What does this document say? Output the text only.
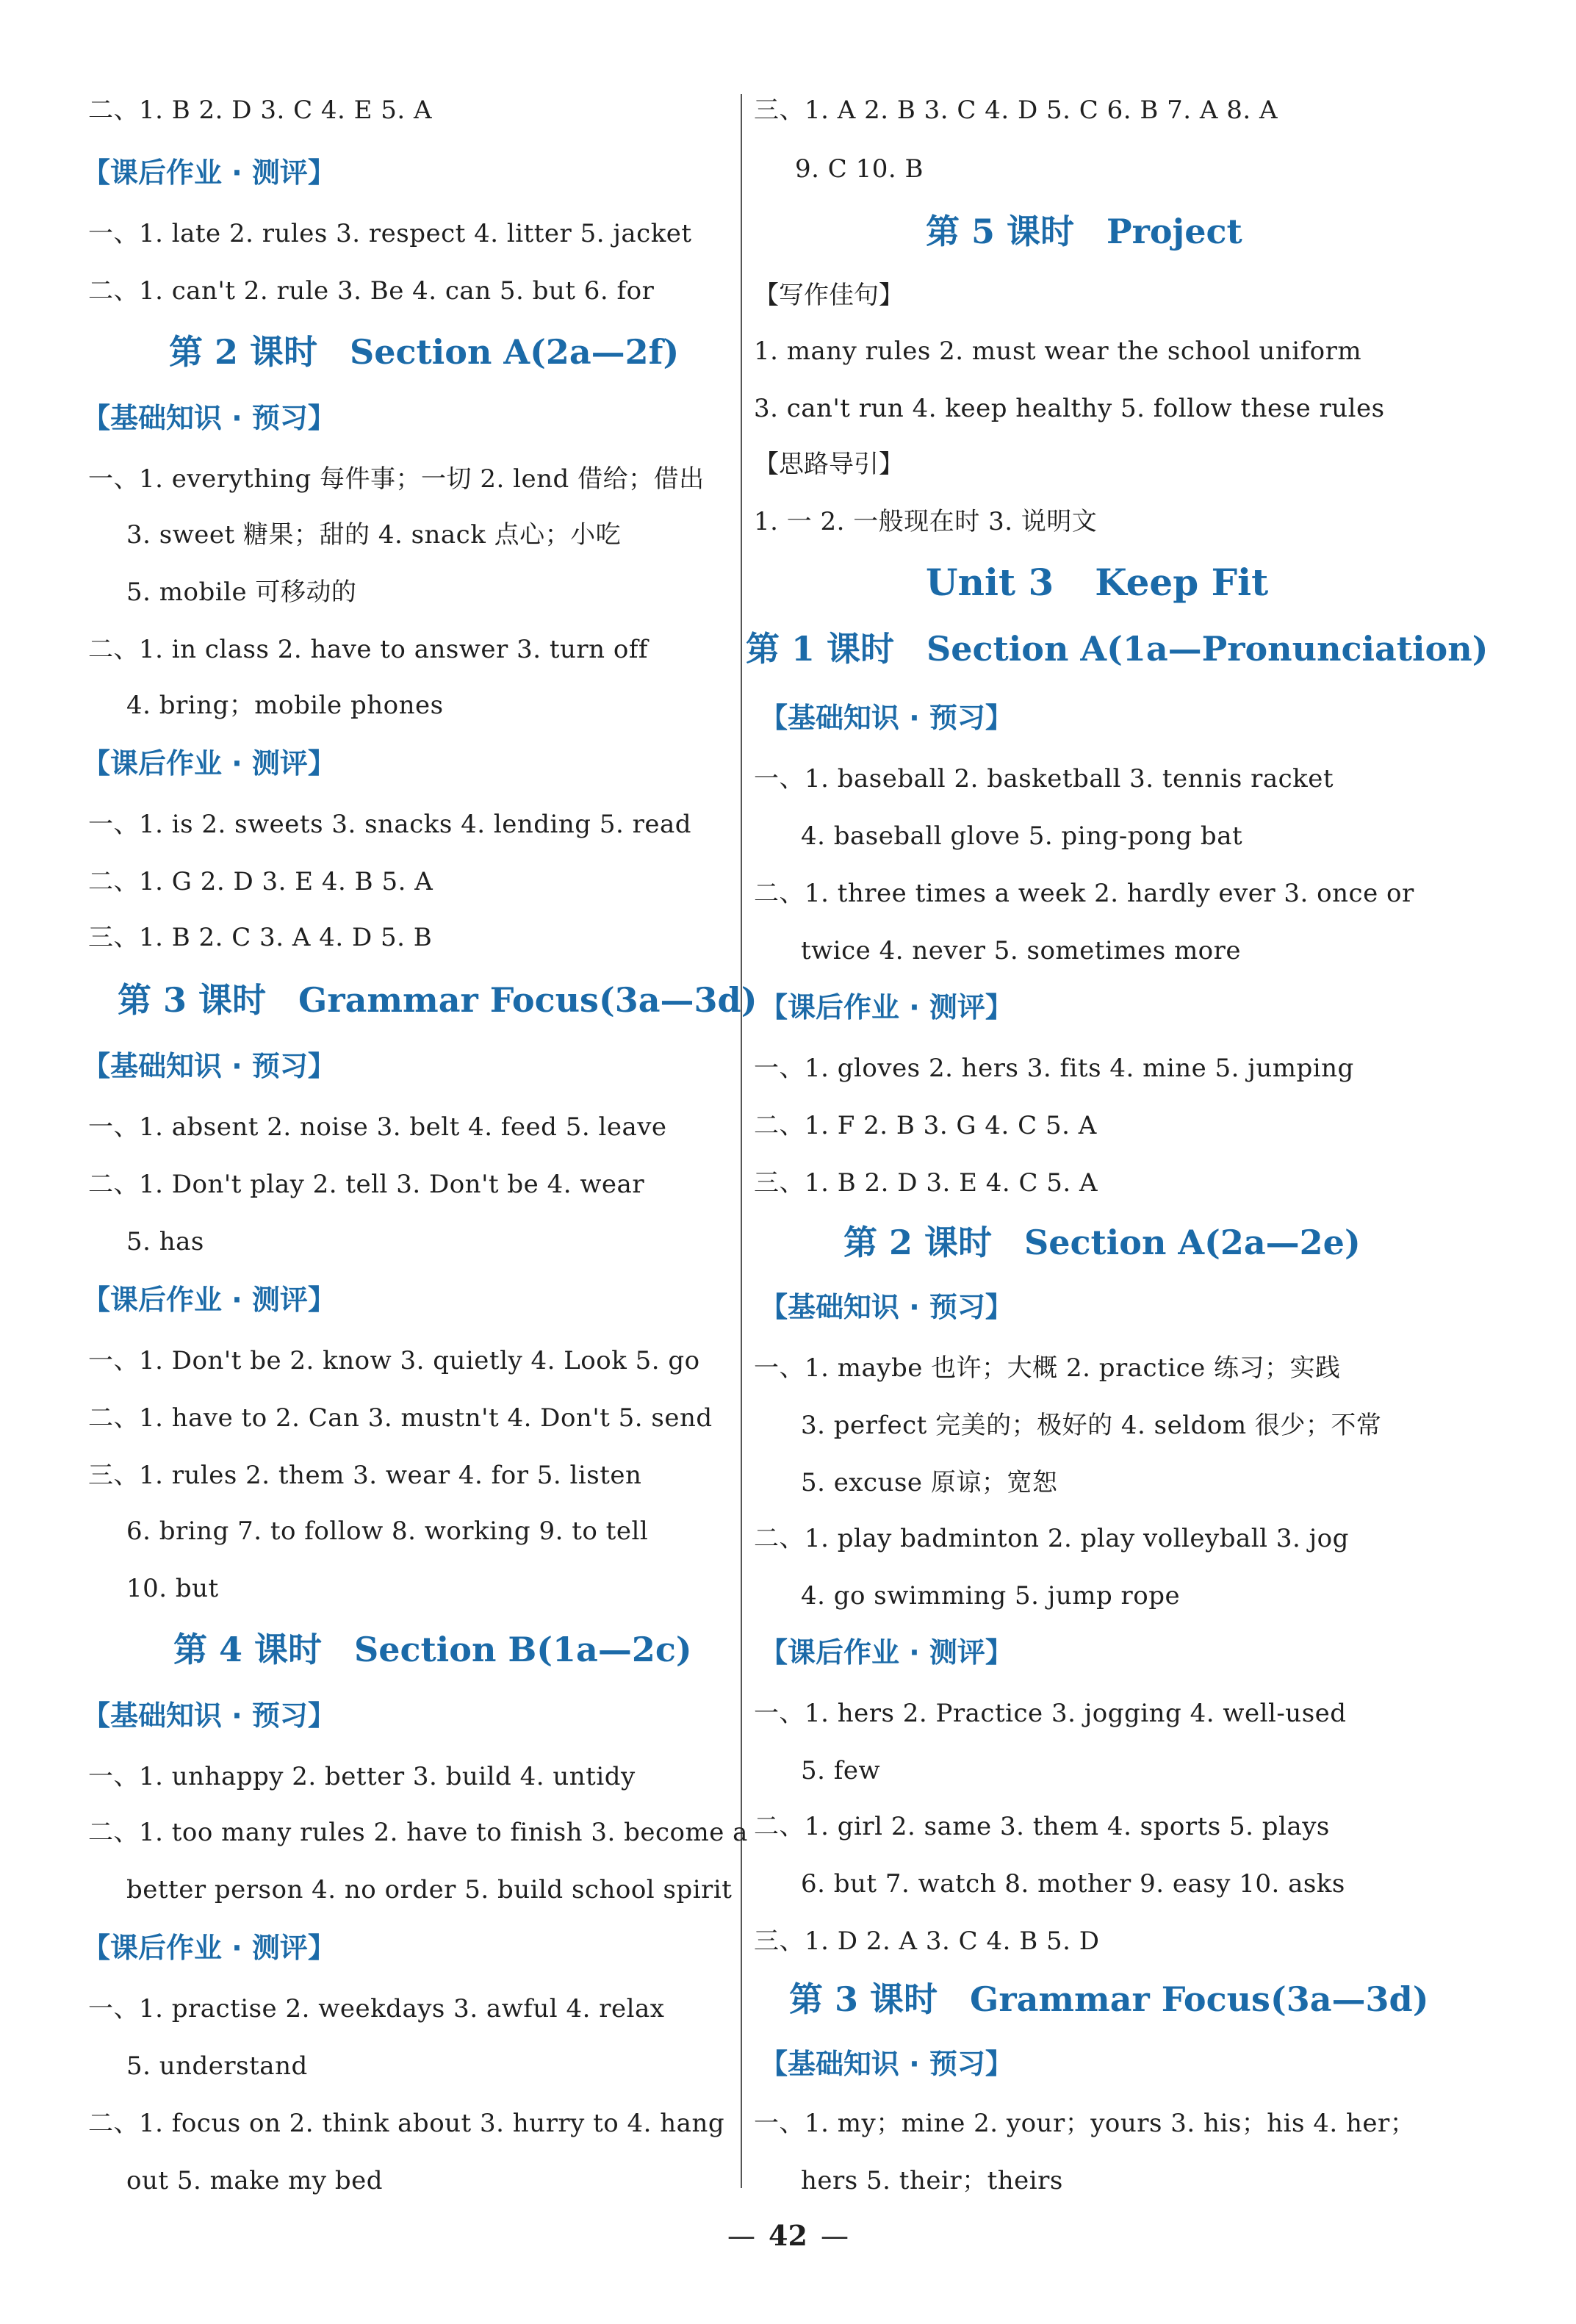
二、1. B 2. D 3. C 4. E 5. A
【课后作业 · 测评】
一、1. late 2. rules 3. respect 4. litter 5. jacket
二、1. can't 2. rule 3. Be 4. can 5. but 6. for
第 2 课时 Section A(2a—2f)
【基础知识 · 预习】
一、1. everything 每件事；一切 2. lend 借给；借出
3. sweet 糖果；甜的 4. snack 点心；小吃
5. mobile 可移动的
二、1. in class 2. have to answer 3. turn off
4. bring；mobile phones
【课后作业 · 测评】
一、1. is 2. sweets 3. snacks 4. lending 5. read
二、1. G 2. D 3. E 4. B 5. A
三、1. B 2. C 3. A 4. D 5. B
第 3 课时 Grammar Focus(3a—3d)
【基础知识 · 预习】
一、1. absent 2. noise 3. belt 4. feed 5. leave
二、1. Don't play 2. tell 3. Don't be 4. wear
5. has
【课后作业 · 测评】
一、1. Don't be 2. know 3. quietly 4. Look 5. go
二、1. have to 2. Can 3. mustn't 4. Don't 5. send
三、1. rules 2. them 3. wear 4. for 5. listen
6. bring 7. to follow 8. working 9. to tell
10. but
第 4 课时 Section B(1a—2c)
【基础知识 · 预习】
一、1. unhappy 2. better 3. build 4. untidy
二、1. too many rules 2. have to finish 3. become a
better person 4. no order 5. build school spirit
【课后作业 · 测评】
一、1. practise 2. weekdays 3. awful 4. relax
5. understand
二、1. focus on 2. think about 3. hurry to 4. hang
out 5. make my bed
三、1. A 2. B 3. C 4. D 5. C 6. B 7. A 8. A
9. C 10. B
第 5 课时 Project
【写作佳句】
1. many rules 2. must wear the school uniform
3. can't run 4. keep healthy 5. follow these rules
【思路导引】
1. 一 2. 一般现在时 3. 说明文
Unit 3 Keep Fit
第 1 课时 Section A(1a—Pronunciation)
【基础知识 · 预习】
一、1. baseball 2. basketball 3. tennis racket
4. baseball glove 5. ping-pong bat
二、1. three times a week 2. hardly ever 3. once or
twice 4. never 5. sometimes more
【课后作业 · 测评】
一、1. gloves 2. hers 3. fits 4. mine 5. jumping
二、1. F 2. B 3. G 4. C 5. A
三、1. B 2. D 3. E 4. C 5. A
第 2 课时 Section A(2a—2e)
【基础知识 · 预习】
一、1. maybe 也许；大概 2. practice 练习；实践
3. perfect 完美的；极好的 4. seldom 很少；不常
5. excuse 原谅；宽恕
二、1. play badminton 2. play volleyball 3. jog
4. go swimming 5. jump rope
【课后作业 · 测评】
一、1. hers 2. Practice 3. jogging 4. well-used
5. few
二、1. girl 2. same 3. them 4. sports 5. plays
6. but 7. watch 8. mother 9. easy 10. asks
三、1. D 2. A 3. C 4. B 5. D
第 3 课时 Grammar Focus(3a—3d)
【基础知识 · 预习】
一、1. my；mine 2. your；yours 3. his；his 4. her；
hers 5. their；theirs
— 42 —
